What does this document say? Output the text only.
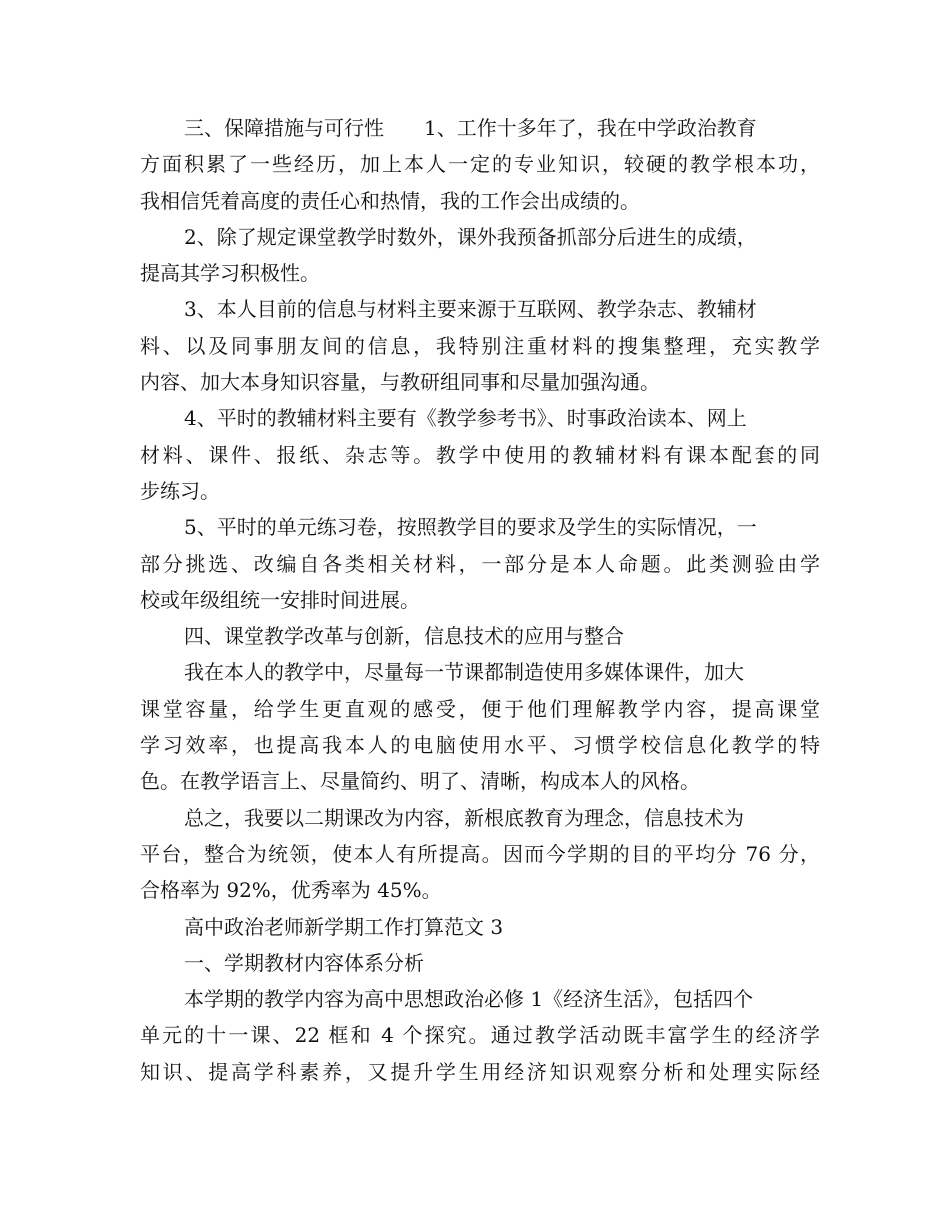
三、保障措施与可行性　　1、工作十多年了，我在中学政治教育
方面积累了一些经历，加上本人一定的专业知识，较硬的教学根本功，
我相信凭着高度的责任心和热情，我的工作会出成绩的。
2、除了规定课堂教学时数外，课外我预备抓部分后进生的成绩，
提高其学习积极性。
3、本人目前的信息与材料主要来源于互联网、教学杂志、教辅材
料、以及同事朋友间的信息，我特别注重材料的搜集整理，充实教学
内容、加大本身知识容量，与教研组同事和尽量加强沟通。
4、平时的教辅材料主要有《教学参考书》、时事政治读本、网上
材料、课件、报纸、杂志等。教学中使用的教辅材料有课本配套的同
步练习。
5、平时的单元练习卷，按照教学目的要求及学生的实际情况，一
部分挑选、改编自各类相关材料，一部分是本人命题。此类测验由学
校或年级组统一安排时间进展。
四、课堂教学改革与创新，信息技术的应用与整合
我在本人的教学中，尽量每一节课都制造使用多媒体课件，加大
课堂容量，给学生更直观的感受，便于他们理解教学内容，提高课堂
学习效率，也提高我本人的电脑使用水平、习惯学校信息化教学的特
色。在教学语言上、尽量简约、明了、清晰，构成本人的风格。
总之，我要以二期课改为内容，新根底教育为理念，信息技术为
平台，整合为统领，使本人有所提高。因而今学期的目的平均分 76 分，
合格率为 92%，优秀率为 45%。
高中政治老师新学期工作打算范文 3
一、学期教材内容体系分析
本学期的教学内容为高中思想政治必修 1《经济生活》，包括四个
单元的十一课、22 框和 4 个探究。通过教学活动既丰富学生的经济学
知识、提高学科素养，又提升学生用经济知识观察分析和处理实际经
